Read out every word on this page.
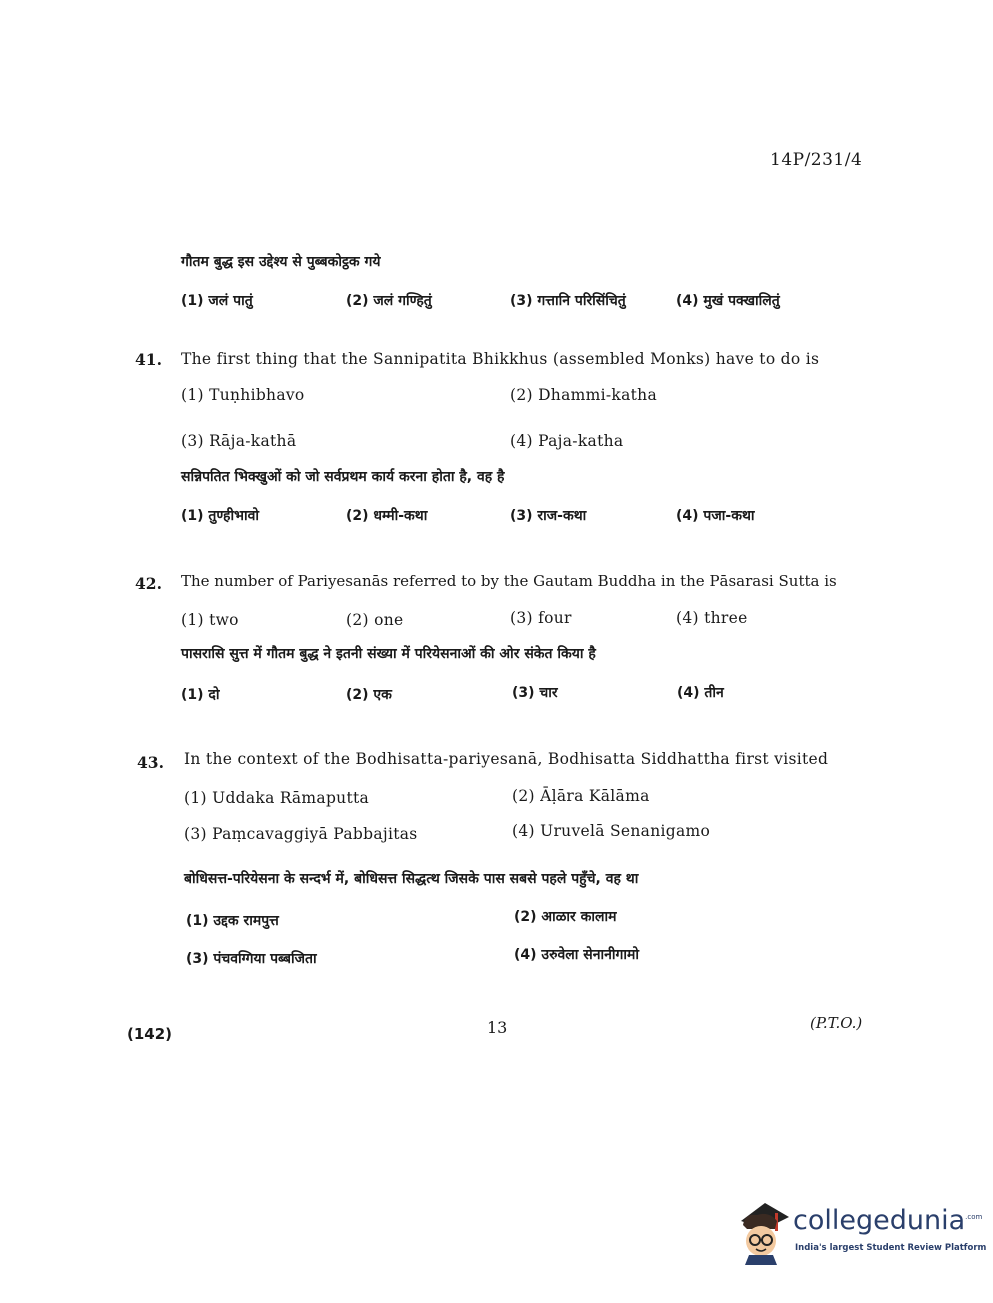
14P/231/4
गौतम बुद्ध इस उद्देश्य से पुब्बकोट्ठक गये
(1) जलं पातुं	(2) जलं गण्हितुं	(3) गत्तानि परिसिंचितुं	(4) मुखं पक्खालितुं
41. The first thing that the Sannipatita Bhikkhus (assembled Monks) have to do is
(1) Tuṇhibhavo	(2) Dhammi-katha
(3) Rāja-kathā	(4) Paja-katha
सन्निपतित भिक्खुओं को जो सर्वप्रथम कार्य करना होता है, वह है
(1) तुण्हीभावो	(2) धम्मी-कथा	(3) राज-कथा	(4) पजा-कथा
42. The number of Pariyesanās referred to by the Gautam Buddha in the Pāsarasi Sutta is
(1) two	(2) one	(3) four	(4) three
पासरासि सुत्त में गौतम बुद्ध ने इतनी संख्या में परियेसनाओं की ओर संकेत किया है
(1) दो	(2) एक	(3) चार	(4) तीन
43. In the context of the Bodhisatta-pariyesanā, Bodhisatta Siddhattha first visited
(1) Uddaka Rāmaputta	(2) Āḷāra Kālāma
(3) Paṃcavaggiyā Pabbajitas	(4) Uruvelā Senanigamo
बोधिसत्त-परियेसना के सन्दर्भ में, बोधिसत्त सिद्धत्थ जिसके पास सबसे पहले पहुँचे, वह था
(1) उद्दक रामपुत्त	(2) आळार कालाम
(3) पंचवग्गिया पब्बजिता	(4) उरुवेला सेनानीगामो
(142)	13	(P.T.O.)
collegedunia$^{.com}$
India's largest Student Review Platform
